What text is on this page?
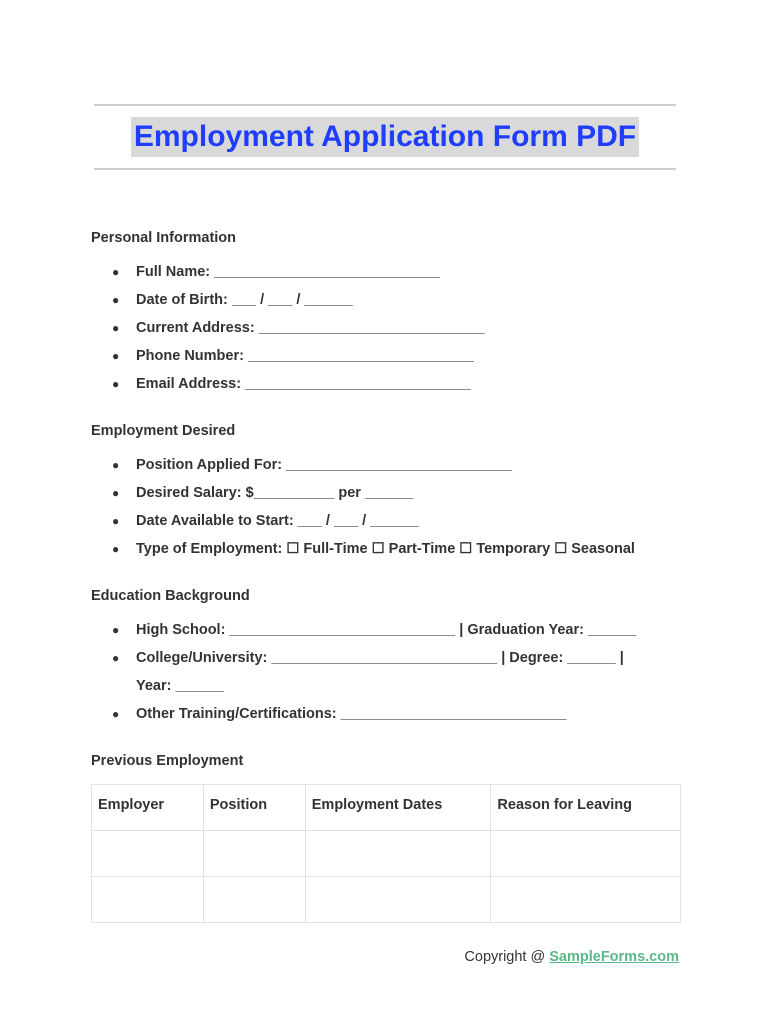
Employment Application Form PDF
Personal Information
● Full Name: ____________________________
● Date of Birth: ___ / ___ / ______
● Current Address: ____________________________
● Phone Number: ____________________________
● Email Address: ____________________________
Employment Desired
● Position Applied For: ____________________________
● Desired Salary: $__________ per ______
● Date Available to Start: ___ / ___ / ______
● Type of Employment: ☐ Full-Time ☐ Part-Time ☐ Temporary ☐ Seasonal
Education Background
● High School: ____________________________ | Graduation Year: ______
● College/University: ____________________________ | Degree: ______ |
Year: ______
● Other Training/Certifications: ____________________________
Previous Employment
Employer	Position	Employment Dates	Reason for Leaving

Copyright @ SampleForms.com
